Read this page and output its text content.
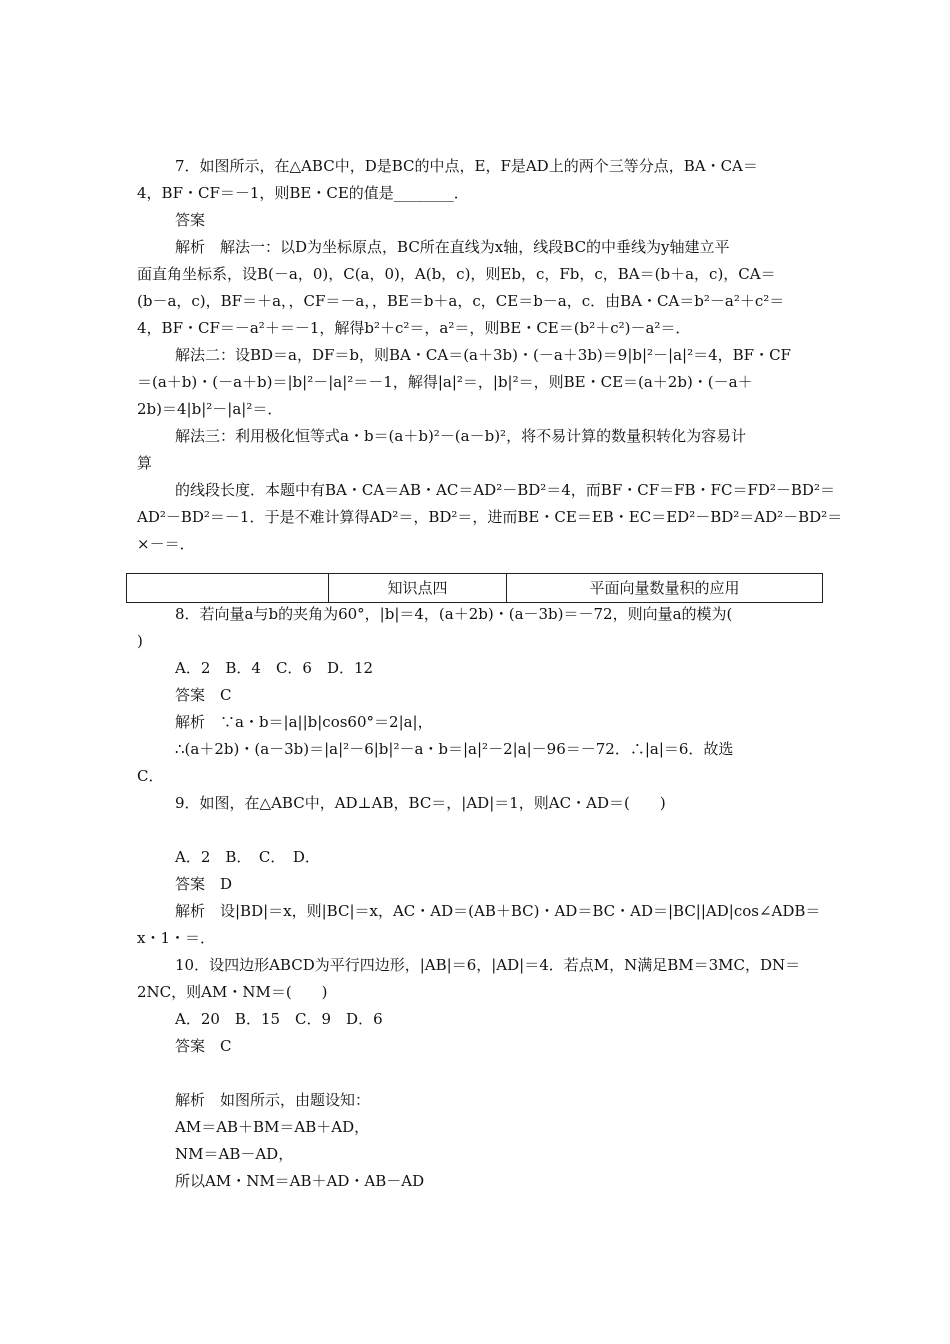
7．如图所示，在△ABC中，D是BC的中点，E，F是AD上的两个三等分点，BA・CA＝
4，BF・CF＝－1，则BE・CE的值是________．
答案
解析　解法一：以D为坐标原点，BC所在直线为x轴，线段BC的中垂线为y轴建立平
面直角坐标系，设B(－a，0)，C(a，0)，A(b，c)，则Eb，c，Fb，c，BA＝(b＋a，c)，CA＝
(b－a，c)，BF＝＋a，，CF＝－a，，BE＝b＋a，c，CE＝b－a，c．由BA・CA＝b²－a²＋c²＝
4，BF・CF＝－a²＋＝－1，解得b²＋c²＝，a²＝，则BE・CE＝(b²＋c²)－a²＝．
解法二：设BD＝a，DF＝b，则BA・CA＝(a＋3b)・(－a＋3b)＝9|b|²－|a|²＝4，BF・CF
＝(a＋b)・(－a＋b)＝|b|²－|a|²＝－1，解得|a|²＝，|b|²＝，则BE・CE＝(a＋2b)・(－a＋
2b)＝4|b|²－|a|²＝．
解法三：利用极化恒等式a・b＝(a＋b)²－(a－b)²，将不易计算的数量积转化为容易计
算
的线段长度．本题中有BA・CA＝AB・AC＝AD²－BD²＝4，而BF・CF＝FB・FC＝FD²－BD²＝
AD²－BD²＝－1．于是不难计算得AD²＝，BD²＝，进而BE・CE＝EB・EC＝ED²－BD²＝AD²－BD²＝
×－＝．
知识点四	平面向量数量积的应用
8．若向量a与b的夹角为60°，|b|＝4，(a＋2b)・(a－3b)＝－72，则向量a的模为(
)
A．2　B．4　C．6　D．12
答案　C
解析　∵a・b＝|a||b|cos60°＝2|a|，
∴(a＋2b)・(a－3b)＝|a|²－6|b|²－a・b＝|a|²－2|a|－96＝－72．∴|a|＝6．故选
C．
9．如图，在△ABC中，AD⊥AB，BC＝，|AD|＝1，则AC・AD＝(　　)
A．2　B．　C．　D．
答案　D
解析　设|BD|＝x，则|BC|＝x，AC・AD＝(AB＋BC)・AD＝BC・AD＝|BC||AD|cos∠ADB＝
x・1・＝．
10．设四边形ABCD为平行四边形，|AB|＝6，|AD|＝4．若点M，N满足BM＝3MC，DN＝
2NC，则AM・NM＝(　　)
A．20　B．15　C．9　D．6
答案　C
解析　如图所示，由题设知：
AM＝AB＋BM＝AB＋AD，
NM＝AB－AD，
所以AM・NM＝AB＋AD・AB－AD
